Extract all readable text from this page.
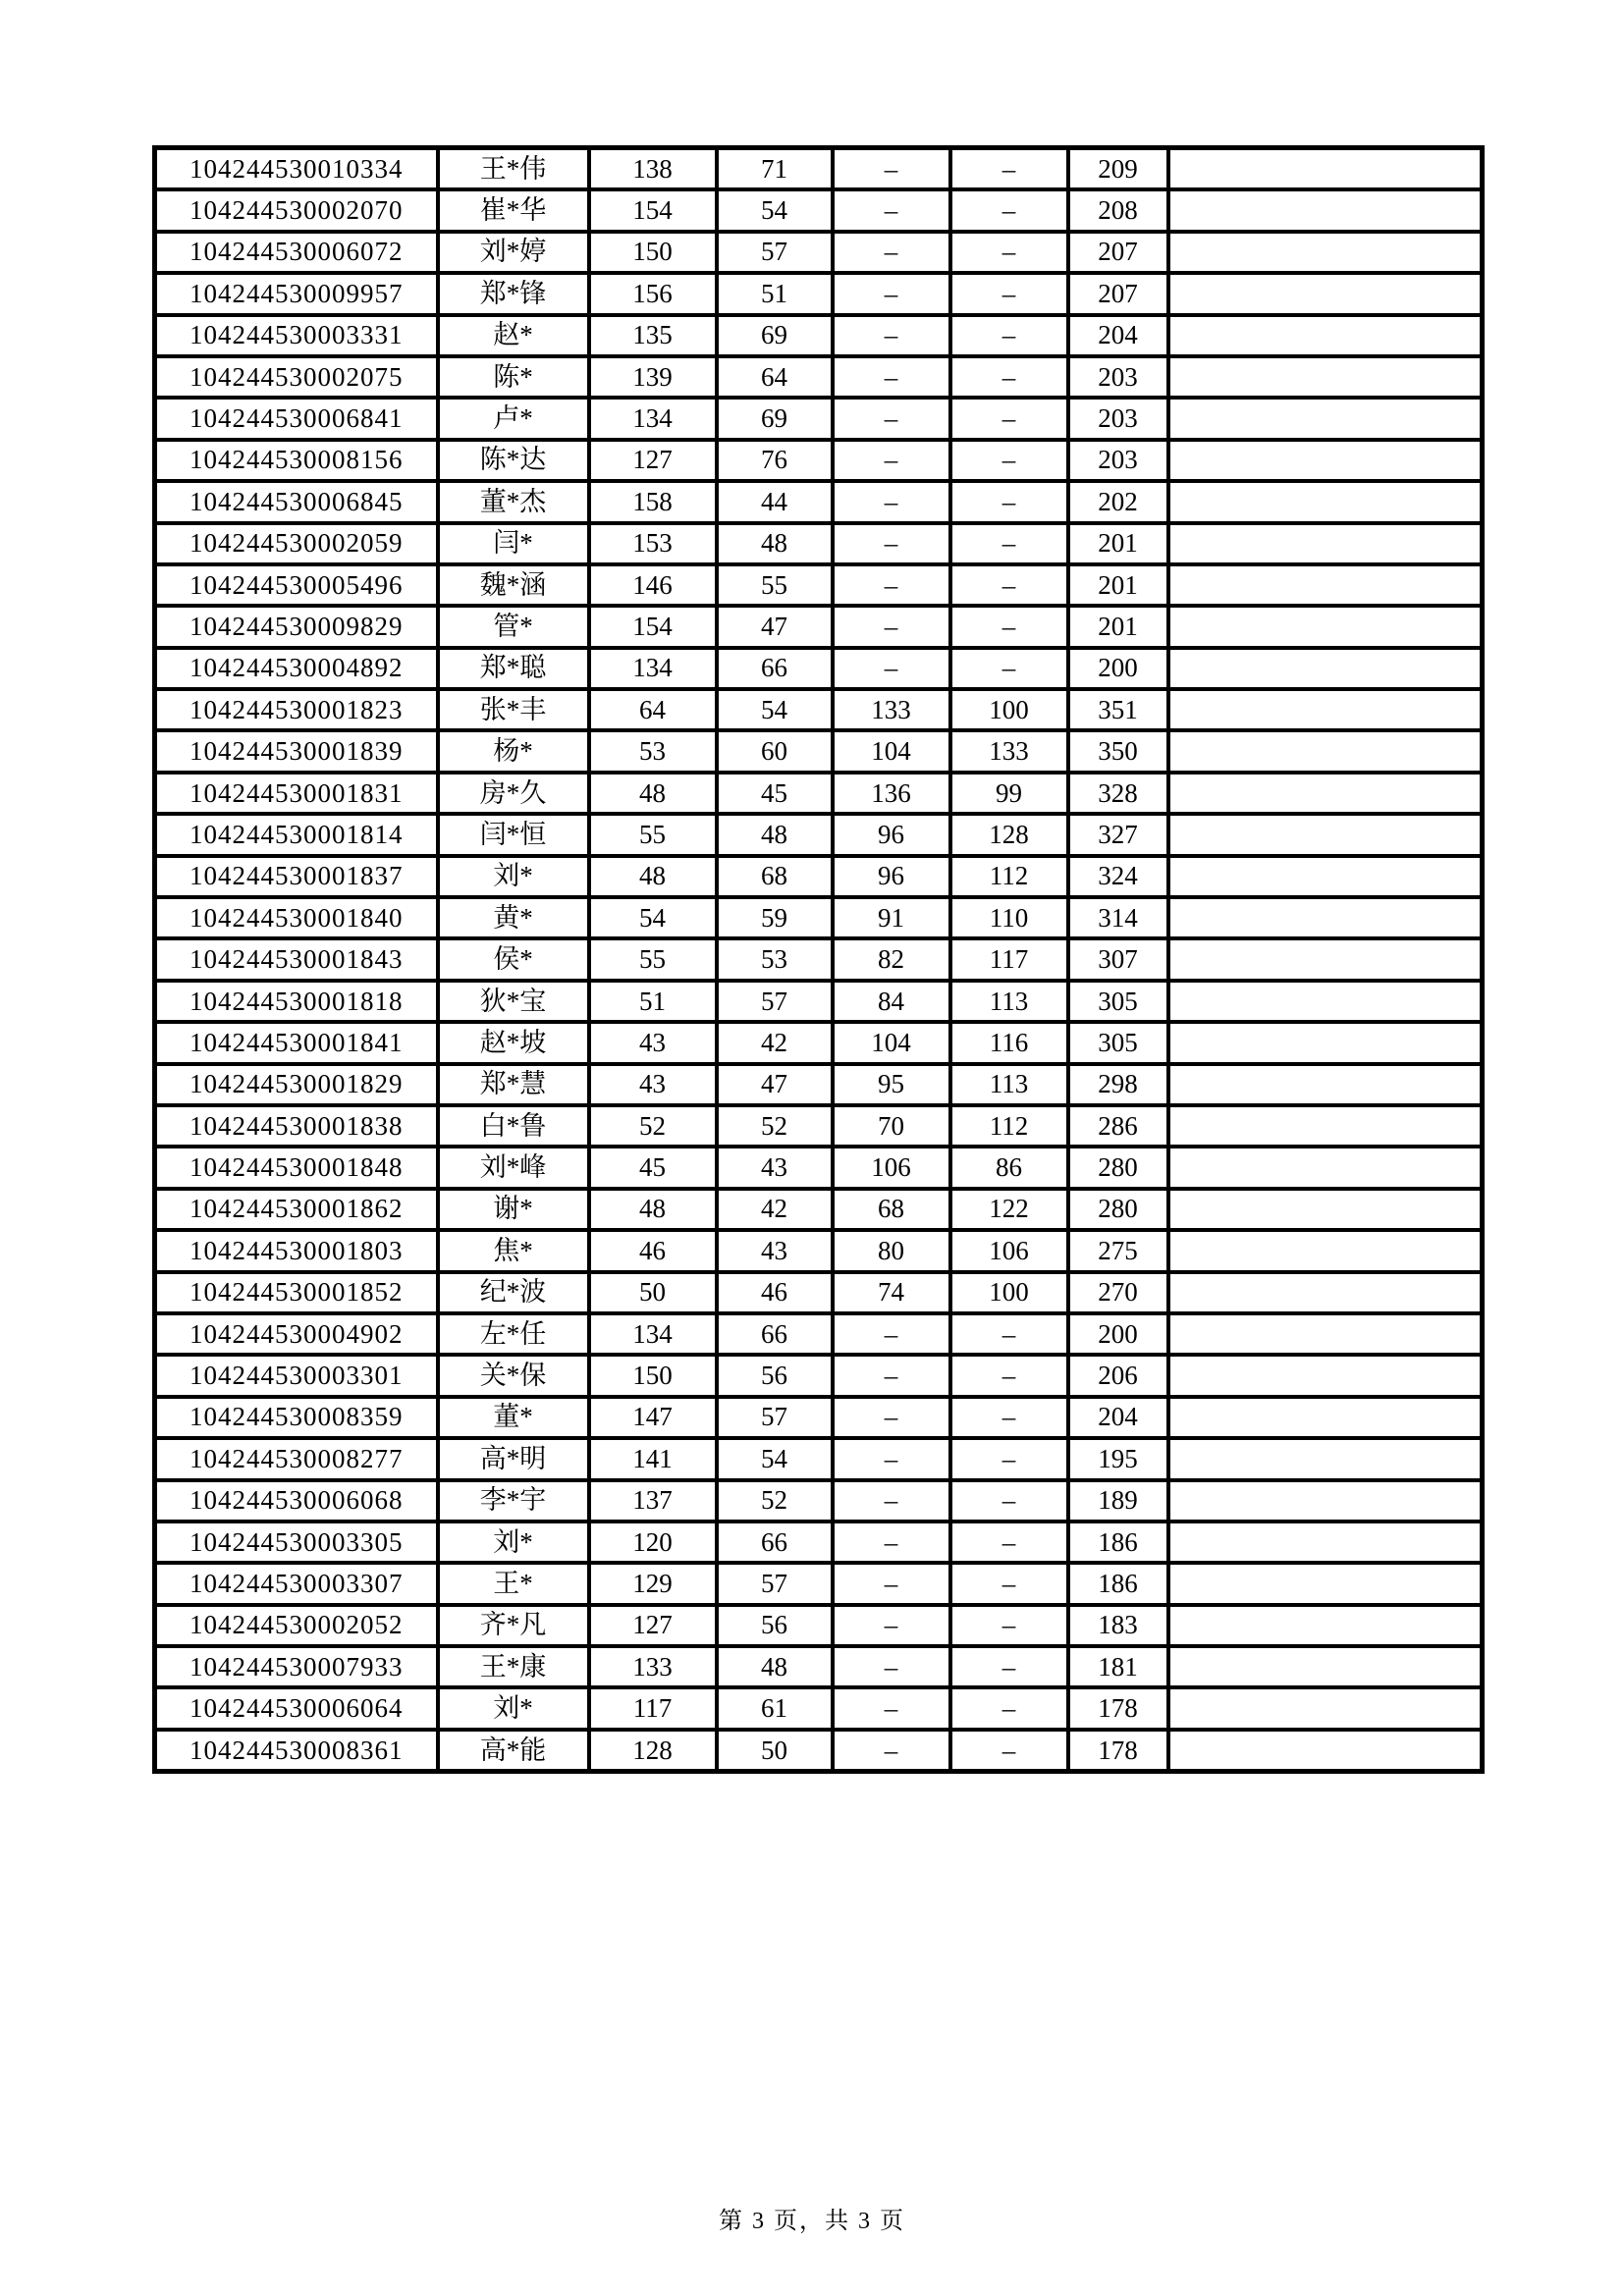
104244530010334	王*伟	138	71	–	–	209	
104244530002070	崔*华	154	54	–	–	208	
104244530006072	刘*婷	150	57	–	–	207	
104244530009957	郑*锋	156	51	–	–	207	
104244530003331	赵*	135	69	–	–	204	
104244530002075	陈*	139	64	–	–	203	
104244530006841	卢*	134	69	–	–	203	
104244530008156	陈*达	127	76	–	–	203	
104244530006845	董*杰	158	44	–	–	202	
104244530002059	闫*	153	48	–	–	201	
104244530005496	魏*涵	146	55	–	–	201	
104244530009829	管*	154	47	–	–	201	
104244530004892	郑*聪	134	66	–	–	200	
104244530001823	张*丰	64	54	133	100	351	
104244530001839	杨*	53	60	104	133	350	
104244530001831	房*久	48	45	136	99	328	
104244530001814	闫*恒	55	48	96	128	327	
104244530001837	刘*	48	68	96	112	324	
104244530001840	黄*	54	59	91	110	314	
104244530001843	侯*	55	53	82	117	307	
104244530001818	狄*宝	51	57	84	113	305	
104244530001841	赵*坡	43	42	104	116	305	
104244530001829	郑*慧	43	47	95	113	298	
104244530001838	白*鲁	52	52	70	112	286	
104244530001848	刘*峰	45	43	106	86	280	
104244530001862	谢*	48	42	68	122	280	
104244530001803	焦*	46	43	80	106	275	
104244530001852	纪*波	50	46	74	100	270	
104244530004902	左*任	134	66	–	–	200	
104244530003301	关*保	150	56	–	–	206	
104244530008359	董*	147	57	–	–	204	
104244530008277	高*明	141	54	–	–	195	
104244530006068	李*宇	137	52	–	–	189	
104244530003305	刘*	120	66	–	–	186	
104244530003307	王*	129	57	–	–	186	
104244530002052	齐*凡	127	56	–	–	183	
104244530007933	王*康	133	48	–	–	181	
104244530006064	刘*	117	61	–	–	178	
104244530008361	高*能	128	50	–	–	178	
第 3 页，共 3 页
